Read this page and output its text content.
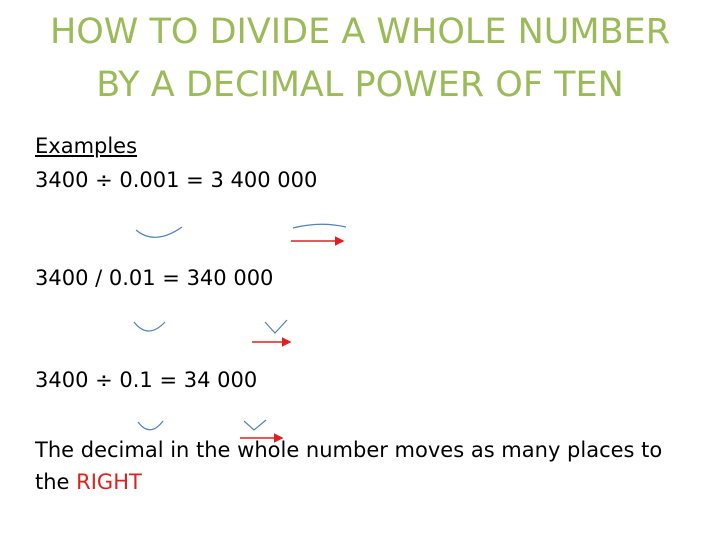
HOW TO DIVIDE A WHOLE NUMBER
BY A DECIMAL POWER OF TEN
Examples
3400 ÷ 0.001 = 3 400 000
3400 / 0.01 = 340 000
3400 ÷ 0.1 = 34 000
The decimal in the whole number moves as many places to
the RIGHT
